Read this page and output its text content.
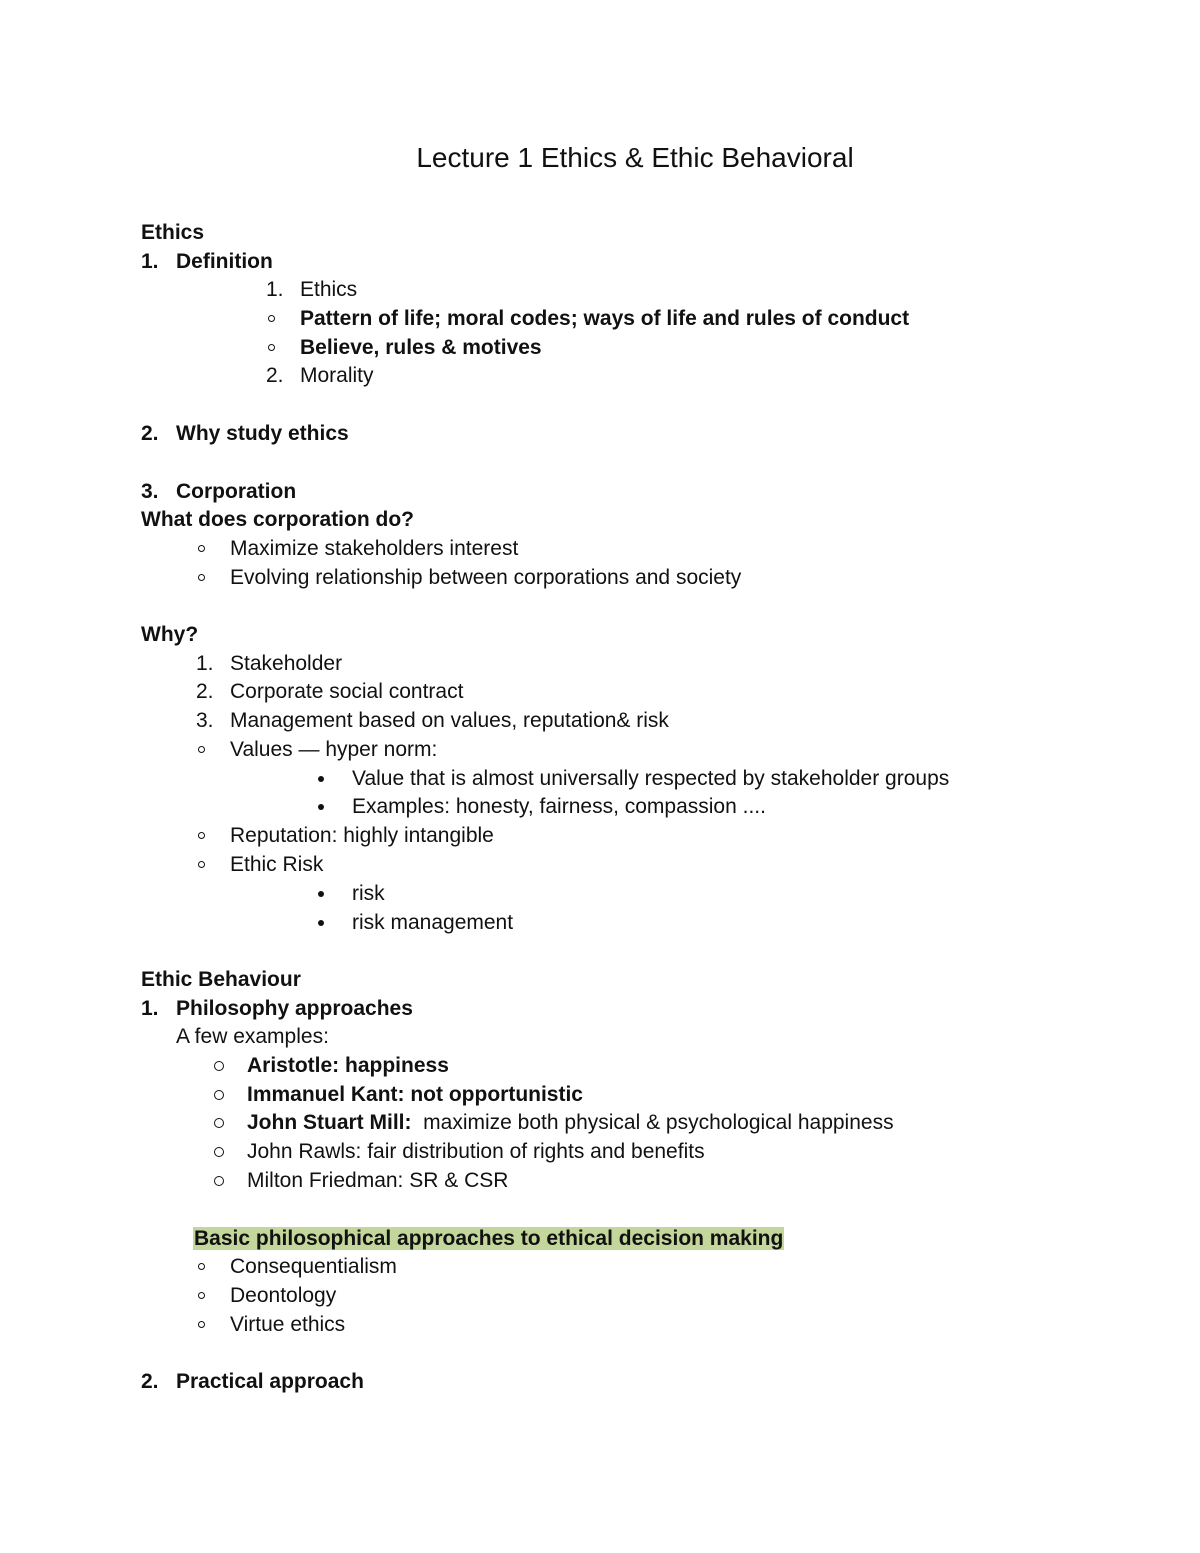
Lecture 1 Ethics & Ethic Behavioral
Ethics
1. Definition
1. Ethics
Pattern of life; moral codes; ways of life and rules of conduct
Believe, rules & motives
2. Morality
2. Why study ethics
3. Corporation
What does corporation do?
Maximize stakeholders interest
Evolving relationship between corporations and society
Why?
1. Stakeholder
2. Corporate social contract
3. Management based on values, reputation& risk
Values — hyper norm:
Value that is almost universally respected by stakeholder groups
Examples: honesty, fairness, compassion ....
Reputation: highly intangible
Ethic Risk
risk
risk management
Ethic Behaviour
1. Philosophy approaches
A few examples:
Aristotle: happiness
Immanuel Kant: not opportunistic
John Stuart Mill:  maximize both physical & psychological happiness
John Rawls: fair distribution of rights and benefits
Milton Friedman: SR & CSR
Basic philosophical approaches to ethical decision making
Consequentialism
Deontology
Virtue ethics
2. Practical approach
